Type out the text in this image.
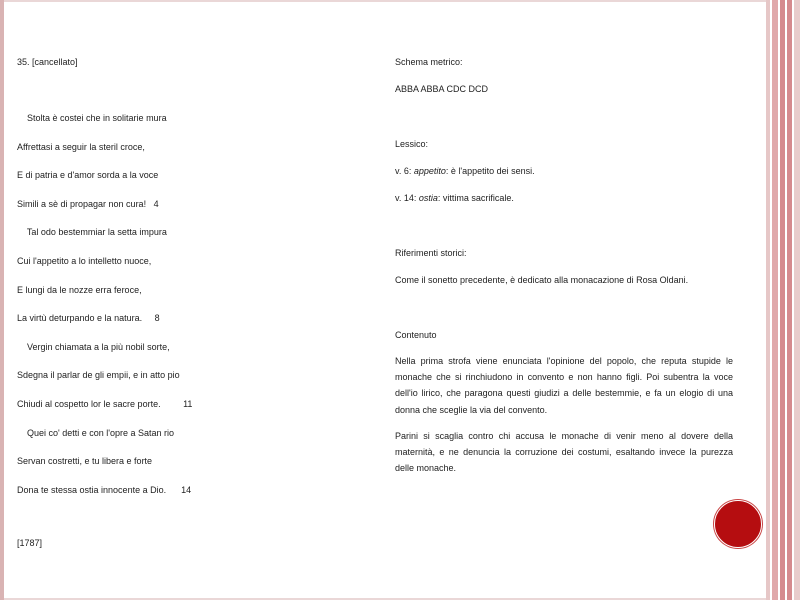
35. [cancellato]
Stolta è costei che in solitarie mura
Affrettasi a seguir la steril croce,
E di patria e d'amor sorda a la voce
Simili a sè di propagar non cura!   4
Tal odo bestemmiar la setta impura
Cui l'appetito a lo intelletto nuoce,
E lungi da le nozze erra feroce,
La virtù deturpando e la natura.     8
Vergin chiamata a la più nobil sorte,
Sdegna il parlar de gli empii, e in atto pio
Chiudi al cospetto lor le sacre porte.         11
Quei co' detti e con l'opre a Satan rio
Servan costretti, e tu libera e forte
Dona te stessa ostia innocente a Dio.      14
[1787]

Schema metrico:

ABBA ABBA CDC DCD

Lessico:

v. 6: appetito: è l'appetito dei sensi.

v. 14: ostia: vittima sacrificale.

Riferimenti storici:

Come il sonetto precedente, è dedicato alla monacazione di Rosa Oldani.

Contenuto

Nella prima strofa viene enunciata l'opinione del popolo, che reputa stupide le monache che si rinchiudono in convento e non hanno figli. Poi subentra la voce dell'io lirico, che paragona questi giudizi a delle bestemmie, e fa un elogio di una donna che sceglie la via del convento.

Parini si scaglia contro chi accusa le monache di venir meno al dovere della maternità, e ne denuncia la corruzione dei costumi, esaltando invece la purezza delle monache.
